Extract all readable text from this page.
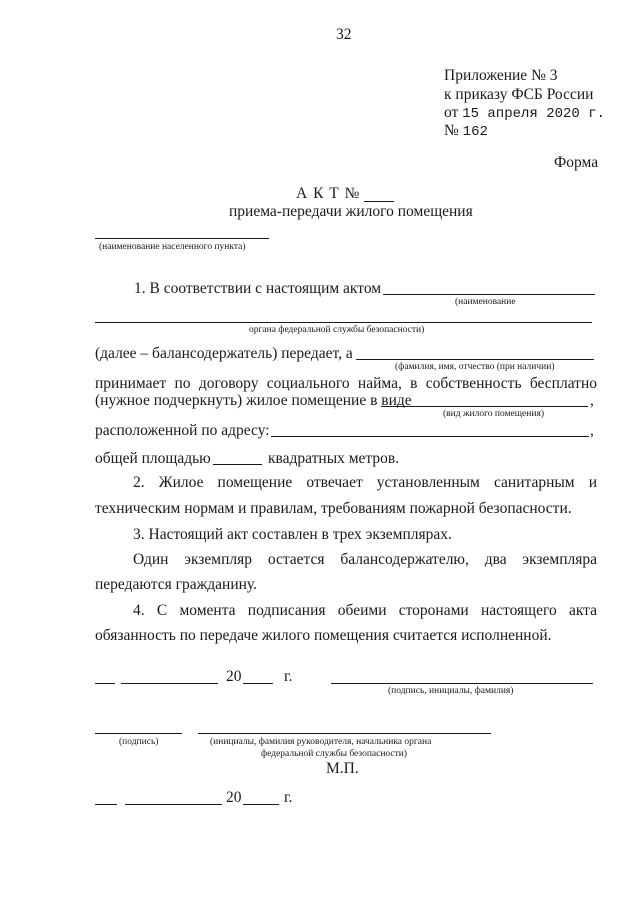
32
Приложение № 3
к приказу ФСБ России
от 15 апреля 2020 г.
№ 162
Форма
А К Т №
приема-передачи жилого помещения
(наименование населенного пункта)
1. В соответствии с настоящим актом
(наименование
органа федеральной службы безопасности)
(далее – балансодержатель) передает, а
(фамилия, имя, отчество (при наличии)
принимает по договору социального найма, в собственность бесплатно
(нужное подчеркнуть) жилое помещение в виде	,
(вид жилого помещения)
расположенной по адресу:	,
общей площадью	квадратных метров.
2. Жилое помещение отвечает установленным санитарным и
техническим нормам и правилам, требованиям пожарной безопасности.
3. Настоящий акт составлен в трех экземплярах.
Один экземпляр остается балансодержателю, два экземпляра
передаются гражданину.
4. С момента подписания обеими сторонами настоящего акта
обязанность по передаче жилого помещения считается исполненной.
20	г.
(подпись, инициалы, фамилия)
(подпись)	(инициалы, фамилия руководителя, начальника органа
федеральной службы безопасности)
М.П.
20	г.
